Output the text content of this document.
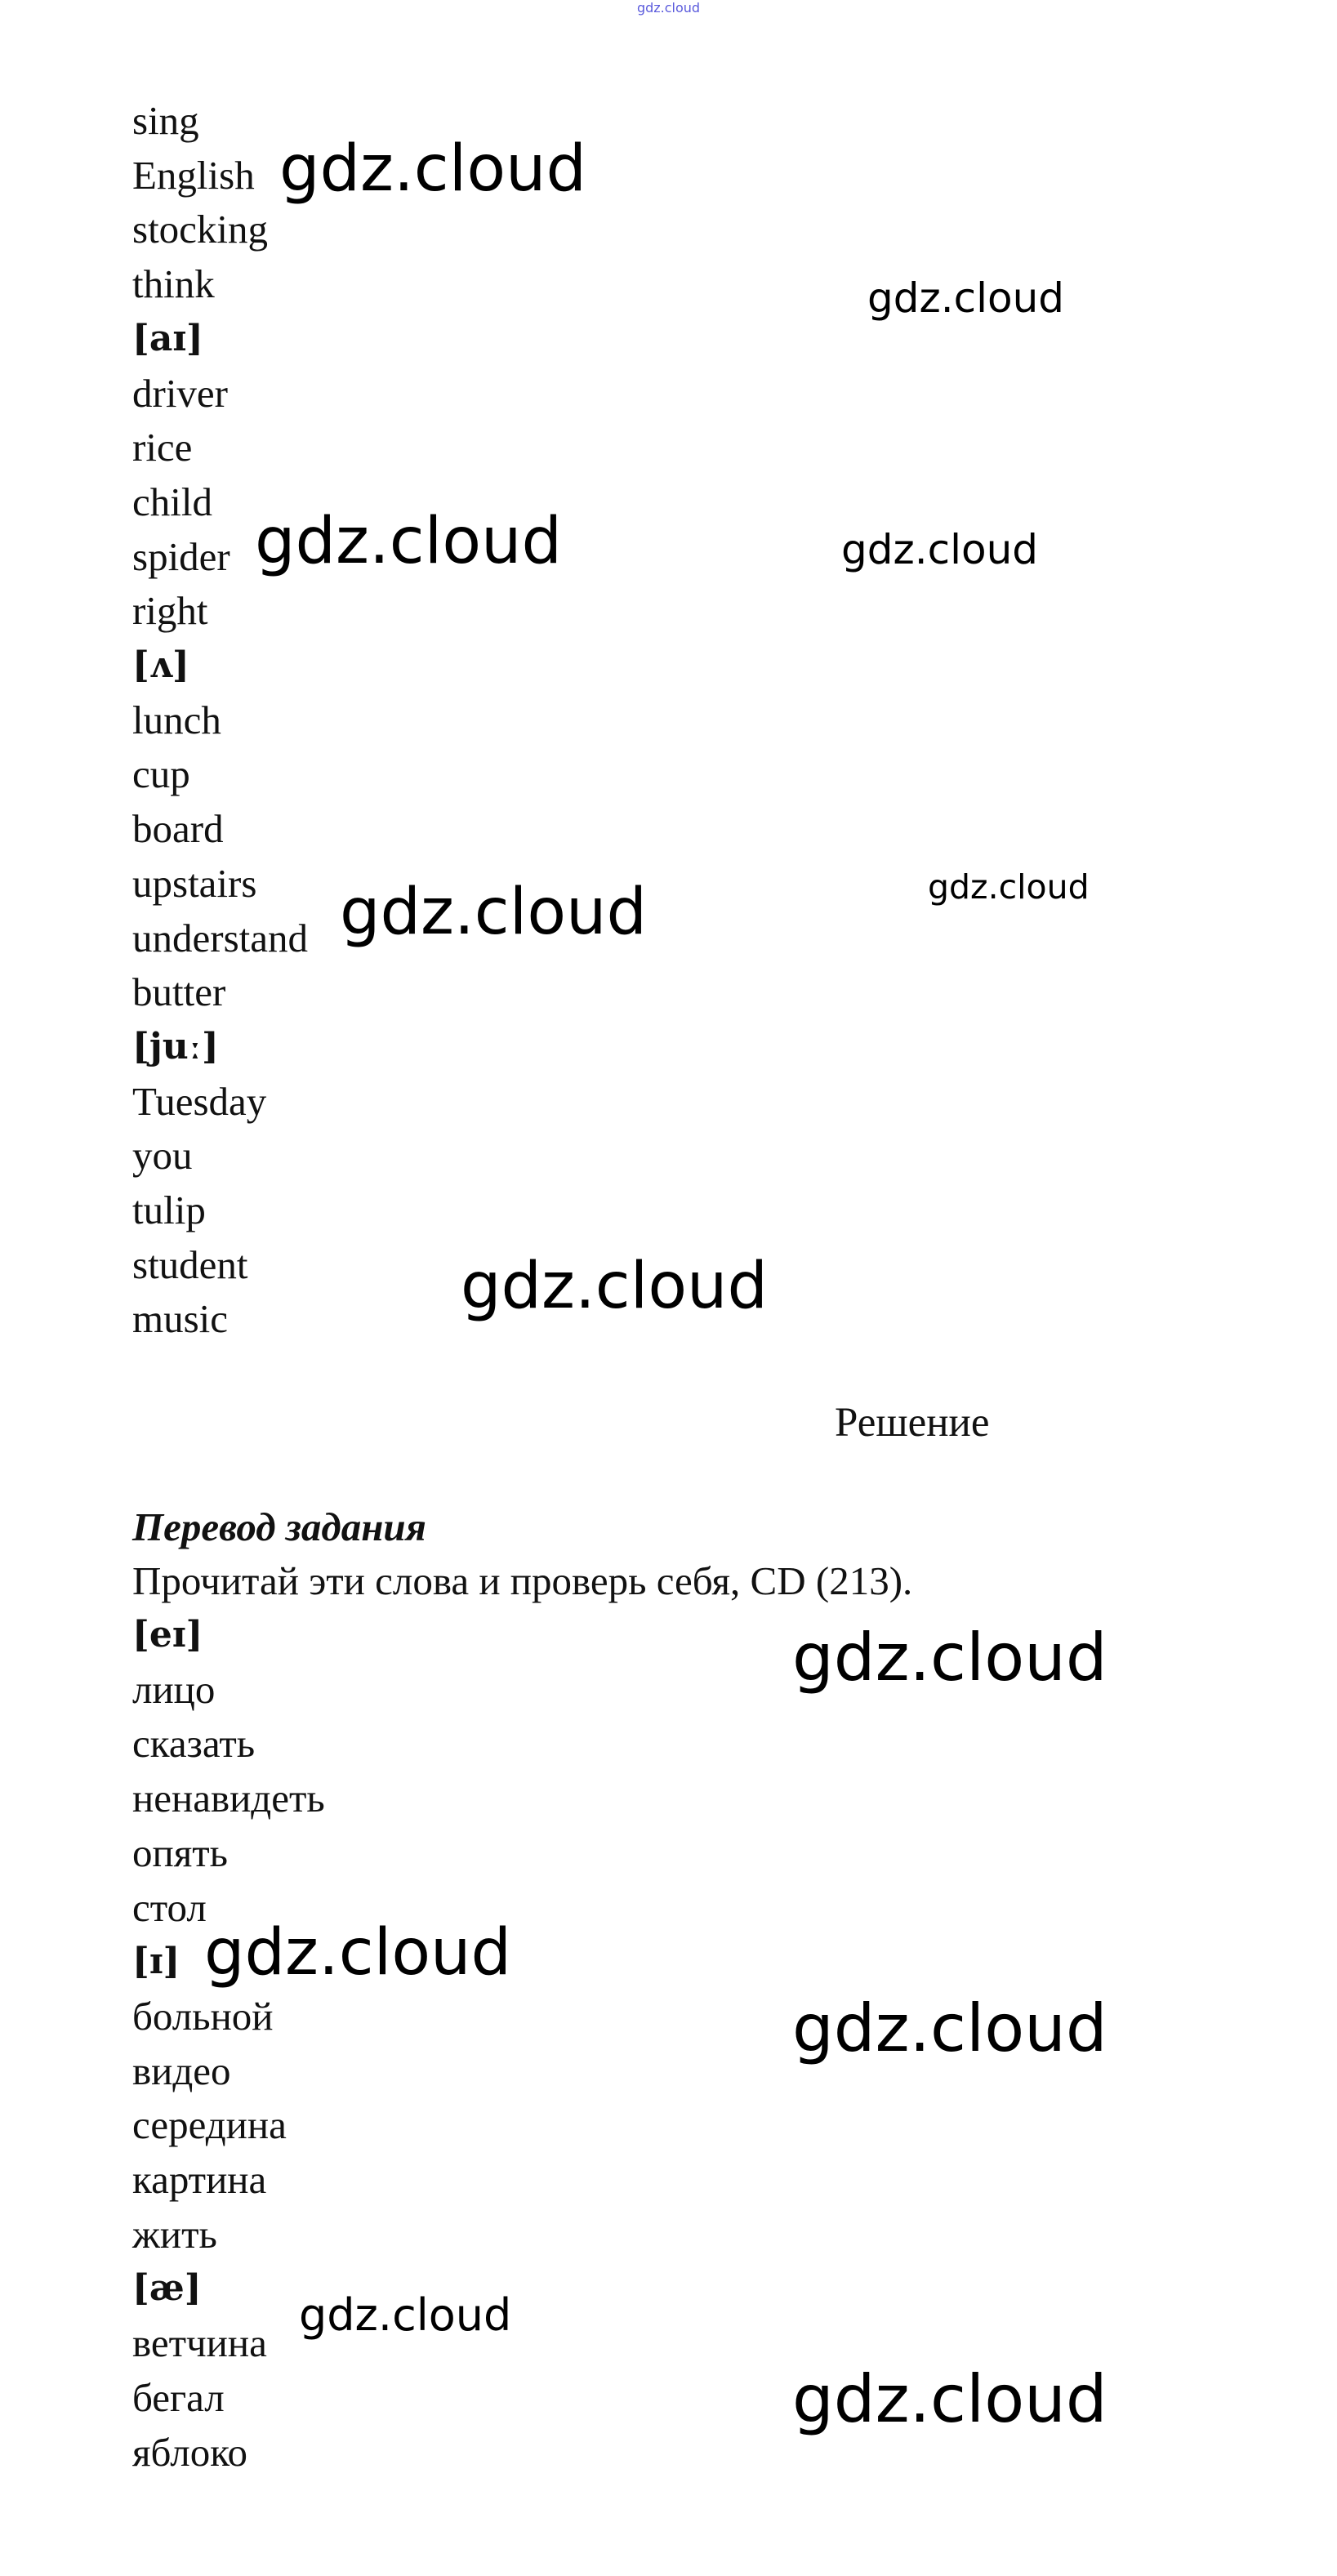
gdz.cloud
sing
English
stocking
think
[aɪ]
driver
rice
child
spider
right
[ʌ]
lunch
cup
board
upstairs
understand
butter
[juː]
Tuesday
you
tulip
student
music
Решение
Перевод задания
Прочитай эти слова и проверь себя, CD (213).
[eɪ]
лицо
сказать
ненавидеть
опять
стол
[ɪ]
больной
видео
середина
картина
жить
[æ]
ветчина
бегал
яблоко
gdz.cloud
gdz.cloud
gdz.cloud	gdz.cloud
gdz.cloud	gdz.cloud
gdz.cloud
gdz.cloud
gdz.cloud
gdz.cloud
gdz.cloud
gdz.cloud
